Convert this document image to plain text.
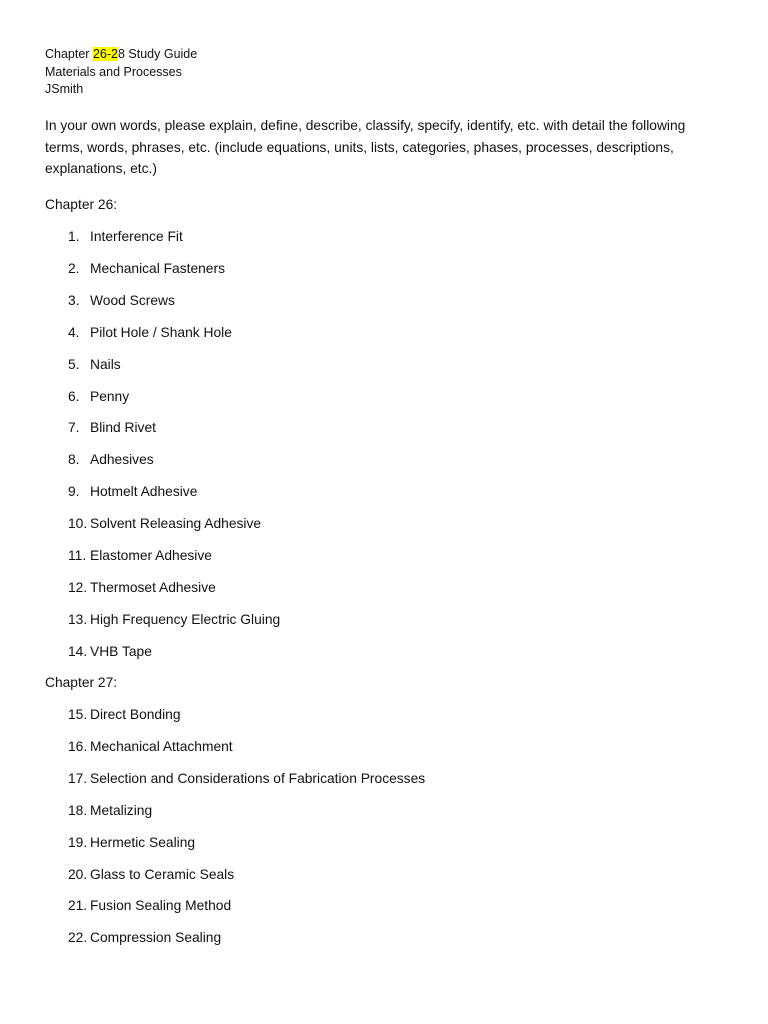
Chapter 26-28 Study Guide
Materials and Processes
JSmith
In your own words, please explain, define, describe, classify, specify, identify, etc. with detail the following terms, words, phrases, etc. (include equations, units, lists, categories, phases, processes, descriptions, explanations, etc.)
Chapter 26:
1. Interference Fit
2. Mechanical Fasteners
3. Wood Screws
4. Pilot Hole / Shank Hole
5. Nails
6. Penny
7. Blind Rivet
8. Adhesives
9. Hotmelt Adhesive
10. Solvent Releasing Adhesive
11. Elastomer Adhesive
12. Thermoset Adhesive
13. High Frequency Electric Gluing
14. VHB Tape
Chapter 27:
15. Direct Bonding
16. Mechanical Attachment
17. Selection and Considerations of Fabrication Processes
18. Metalizing
19. Hermetic Sealing
20. Glass to Ceramic Seals
21. Fusion Sealing Method
22. Compression Sealing
